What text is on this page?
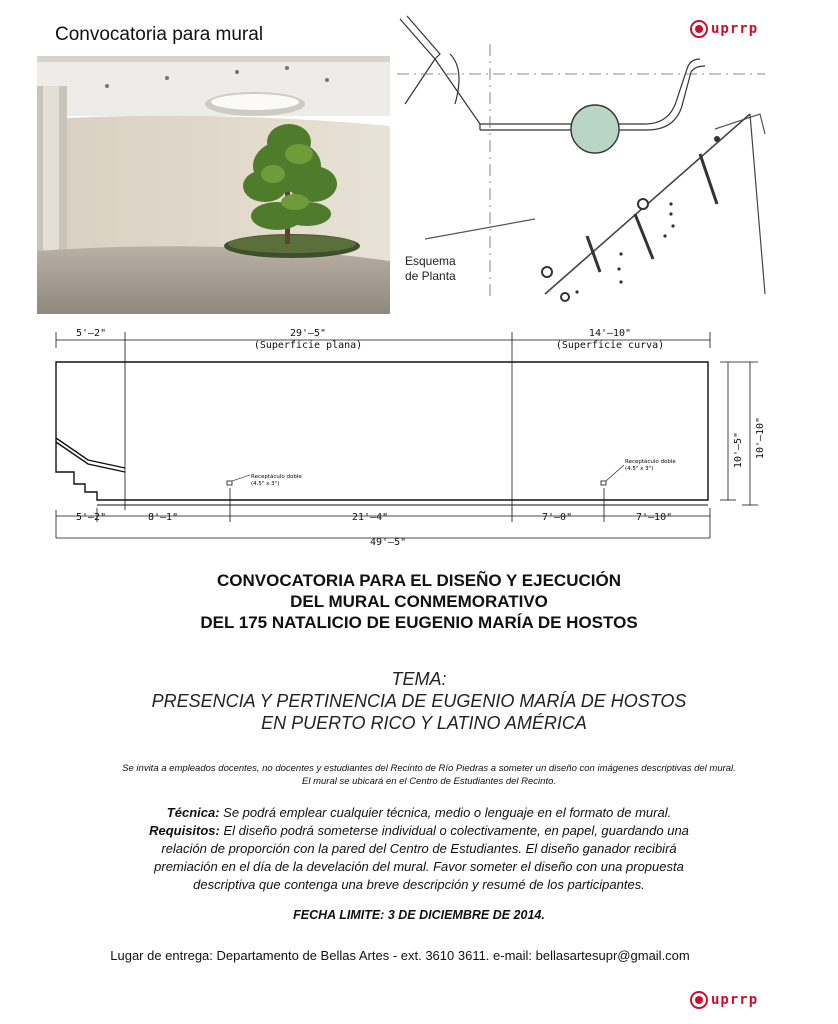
Convocatoria para mural	uprrp
Esquema
de Planta
5'–2"	29'–5"
(Superficie plana)
14'–10"
(Superficie curva)
5'–2"	8'–1"	21'–4"	7'–0"	7'–10"
49'–5"
10'–5" 10'–10"
Receptáculo doble
(4.5" x 3")
Receptáculo doble
(4.5" x 3")
CONVOCATORIA PARA EL DISEÑO Y EJECUCIÓN
DEL MURAL CONMEMORATIVO
DEL 175 NATALICIO DE EUGENIO MARÍA DE HOSTOS
TEMA:
PRESENCIA Y PERTINENCIA DE EUGENIO MARÍA DE HOSTOS
EN PUERTO RICO Y LATINO AMÉRICA
Se invita a empleados docentes, no docentes y estudiantes del Recinto de Río Piedras a someter un diseño con imágenes descriptivas del mural.
El mural se ubicará en el Centro de Estudiantes del Recinto.
Técnica: Se podrá emplear cualquier técnica, medio o lenguaje en el formato de mural.
Requisitos: El diseño podrá someterse individual o colectivamente, en papel, guardando una
relación de proporción con la pared del Centro de Estudiantes. El diseño ganador recibirá
premiación en el día de la develación del mural. Favor someter el diseño con una propuesta
descriptiva que contenga una breve descripción y resumé de los participantes.
FECHA LIMITE: 3 DE DICIEMBRE DE 2014.
Lugar de entrega: Departamento de Bellas Artes - ext. 3610 3611. e-mail: bellasartesupr@gmail.com
uprrp
